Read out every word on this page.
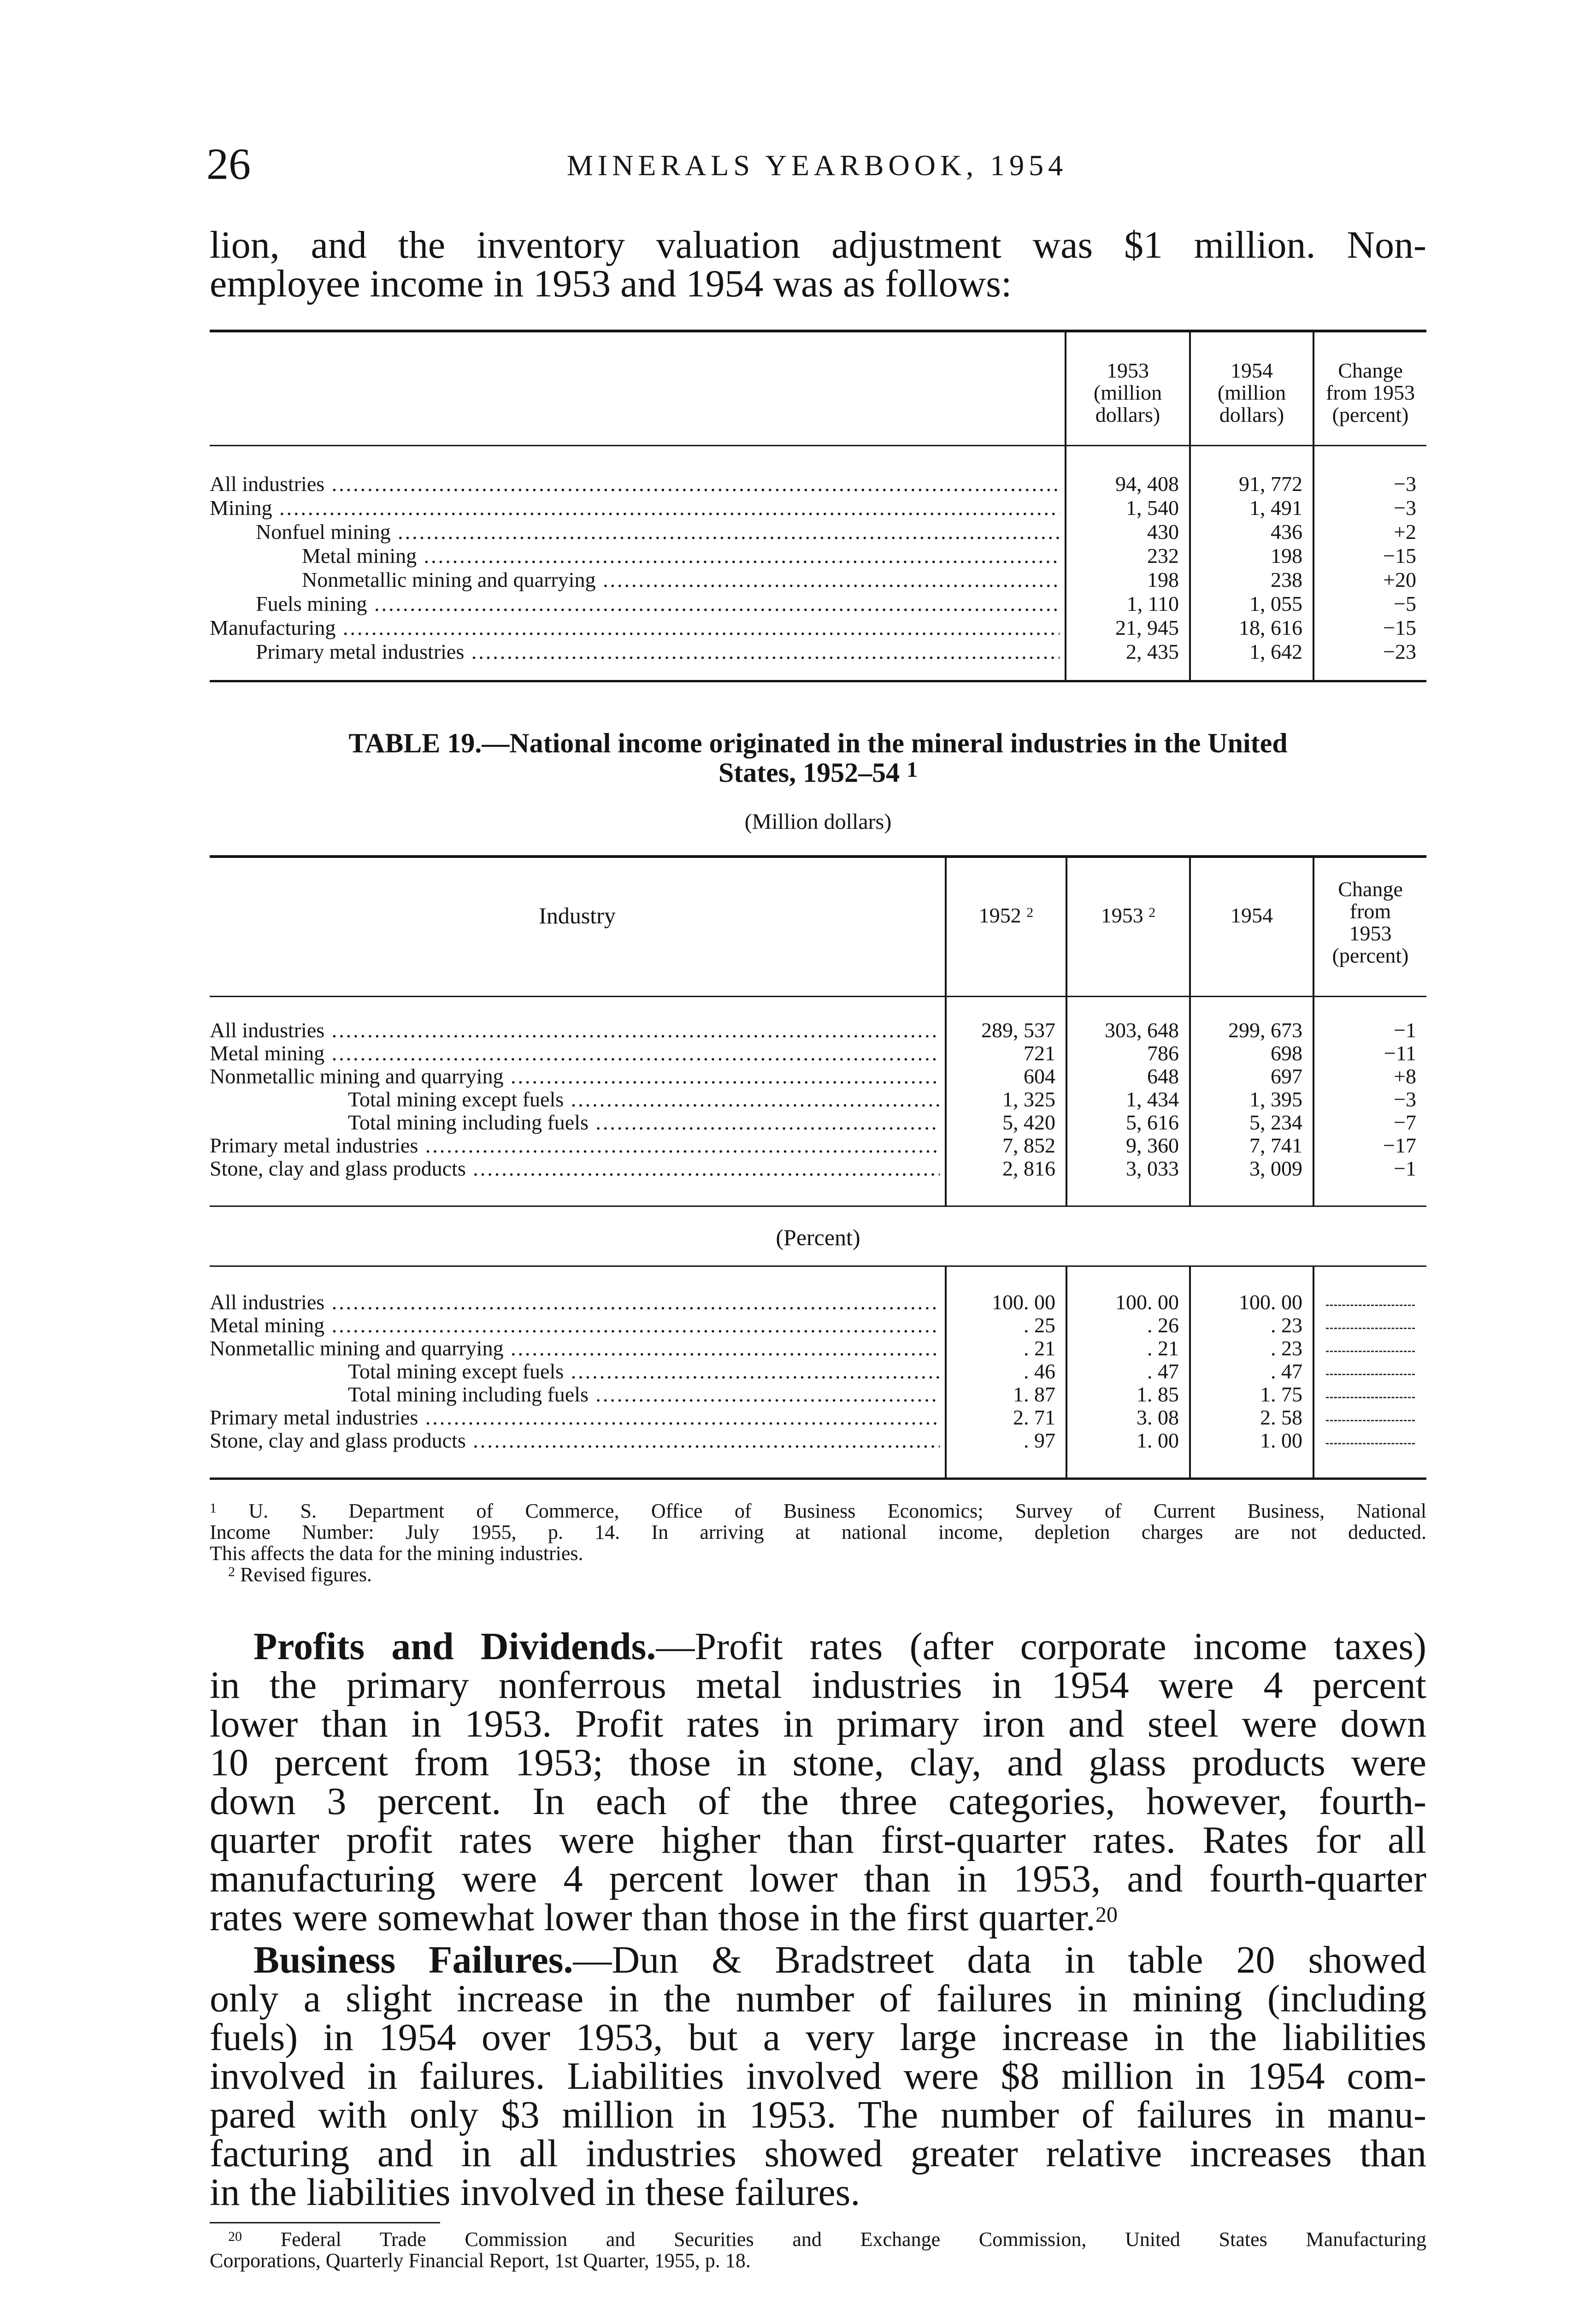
26	MINERALS YEARBOOK, 1954
lion, and the inventory valuation adjustment was $1 million. Non-
employee income in 1953 and 1954 was as follows:
1953
(million
dollars)
1954
(million
dollars)
Change
from 1953
(percent)
All industries .....	94, 408	91, 772	−3
Mining .....	1, 540	1, 491	−3
Nonfuel mining .....	430	436	+2
Metal mining .....	232	198	−15
Nonmetallic mining and quarrying .....	198	238	+20
Fuels mining .....	1, 110	1, 055	−5
Manufacturing .....	21, 945	18, 616	−15
Primary metal industries .....	2, 435	1, 642	−23
TABLE 19.—National income originated in the mineral industries in the United
States, 1952–54 $^1$
(Million dollars)
Industry	1952 $^2$	1953 $^2$	1954
Change
from
1953
(percent)
All industries .....	289, 537	303, 648	299, 673	−1
Metal mining .....	721	786	698	−11
Nonmetallic mining and quarrying .....	604	648	697	+8
Total mining except fuels .....	1, 325	1, 434	1, 395	−3
Total mining including fuels .....	5, 420	5, 616	5, 234	−7
Primary metal industries .....	7, 852	9, 360	7, 741	−17
Stone, clay and glass products .....	2, 816	3, 033	3, 009	−1
(Percent)
All industries .....	100. 00	100. 00	100. 00
Metal mining .....	. 25	. 26	. 23
Nonmetallic mining and quarrying .....	. 21	. 21	. 23
Total mining except fuels .....	. 46	. 47	. 47
Total mining including fuels .....	1. 87	1. 85	1. 75
Primary metal industries .....	2. 71	3. 08	2. 58
Stone, clay and glass products .....	. 97	1. 00	1. 00
$^1$ U. S. Department of Commerce, Office of Business Economics; Survey of Current Business, National
Income Number: July 1955, p. 14. In arriving at national income, depletion charges are not deducted.
This affects the data for the mining industries.
$^2$ Revised figures.
Profits and Dividends.—Profit rates (after corporate income taxes)
in the primary nonferrous metal industries in 1954 were 4 percent
lower than in 1953. Profit rates in primary iron and steel were down
10 percent from 1953; those in stone, clay, and glass products were
down 3 percent. In each of the three categories, however, fourth-
quarter profit rates were higher than first-quarter rates. Rates for all
manufacturing were 4 percent lower than in 1953, and fourth-quarter
rates were somewhat lower than those in the first quarter.$^{20}$
Business Failures.—Dun & Bradstreet data in table 20 showed
only a slight increase in the number of failures in mining (including
fuels) in 1954 over 1953, but a very large increase in the liabilities
involved in failures. Liabilities involved were $8 million in 1954 com-
pared with only $3 million in 1953. The number of failures in manu-
facturing and in all industries showed greater relative increases than
in the liabilities involved in these failures.
$^{20}$ Federal Trade Commission and Securities and Exchange Commission, United States Manufacturing
Corporations, Quarterly Financial Report, 1st Quarter, 1955, p. 18.
